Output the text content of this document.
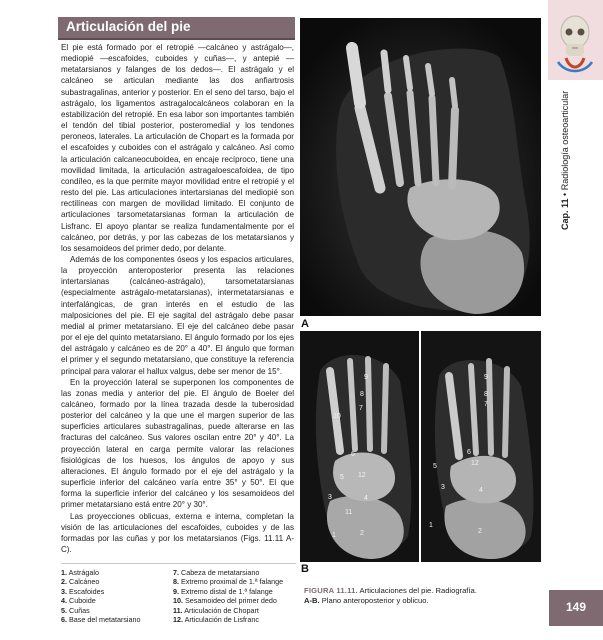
Articulación del pie

El pie está formado por el retropié —calcáneo y astrágalo—, mediopié —escafoides, cuboides y cuñas—, y antepié —metatarsianos y falanges de los dedos—. El astrágalo y el calcáneo se articulan mediante las dos anfiartrosis subastragalinas, anterior y posterior. En el seno del tarso, bajo el astrágalo, los ligamentos astragalocalcáneos colaboran en la estabilización del retropié. En esa labor son importantes también el tendón del tibial posterior, posteromedial y los tendones peroneos, laterales. La articulación de Chopart es la formada por el escafoides y cuboides con el astrágalo y calcáneo. Así como la articulación calcaneocuboidea, en encaje recíproco, tiene una movilidad limitada, la articulación astragaloescafoidea, de tipo condíleo, es la que permite mayor movilidad entre el retropié y el resto del pie. Las articulaciones intertarsianas del mediopié son rectilíneas con margen de movilidad limitado. El conjunto de articulaciones tarsometatarsianas forman la articulación de Lisfranc. El apoyo plantar se realiza fundamentalmente por el calcáneo, por detrás, y por las cabezas de los metatarsianos y los sesamoideos del primer dedo, por delante.

Además de los componentes óseos y los espacios articulares, la proyección anteroposterior presenta las relaciones intertarsianas (calcáneo-astrágalo), tarsometatarsianas (especialmente astrágalo-metatarsianas), intermetatarsianas e interfalángicas, de gran interés en el estudio de las malposiciones del pie. El eje sagital del astrágalo debe pasar medial al primer metatarsiano. El eje del calcáneo debe pasar por el eje del quinto metatarsiano. El ángulo formado por los ejes del astrágalo y calcáneo es de 20° a 40°. El ángulo que forman el primer y el segundo metatarsiano, que constituye la referencia principal para valorar el hallux valgus, debe ser menor de 15°.

En la proyección lateral se superponen los componentes de las zonas media y anterior del pie. El ángulo de Boeler del calcáneo, formado por la línea trazada desde la tuberosidad posterior del calcáneo y la que une el margen superior de las superficies articulares subastragalinas, puede alterarse en las fracturas del calcáneo. Sus valores oscilan entre 20° y 40°. La proyección lateral en carga permite valorar las relaciones fisiológicas de los huesos, los ángulos de apoyo y sus alteraciones. El ángulo formado por el eje del astrágalo y la superficie inferior del calcáneo varía entre 35° y 50°. El que forma la superficie inferior del calcáneo y los sesamoideos del primer metatarsiano está entre 20° y 30°.

Las proyecciones oblicuas, externa e interna, completan la visión de las articulaciones del escafoides, cuboides y de las formadas por las cuñas y por los metatarsianos (Figs. 11.11 A-C).

1. Astrágalo
2. Calcáneo
3. Escafoides
4. Cuboide
5. Cuñas
6. Base del metatarsiano
7. Cabeza de metatarsiano
8. Extremo proximal de 1.ª falange
9. Extremo distal de 1.ª falange
10. Sesamoideo del primer dedo
11. Articulación de Chopart
12. Articulación de Lisfranc
A
9
8
7
10
6
5 12
3	4
11
1	2
9
8
7
6
12
5
3	4
1
2
B
FIGURA 11.11. Articulaciones del pie. Radiografía.
A-B. Plano anteroposterior y oblicuo.
Cap. 11 • Radiología osteoarticular
149
